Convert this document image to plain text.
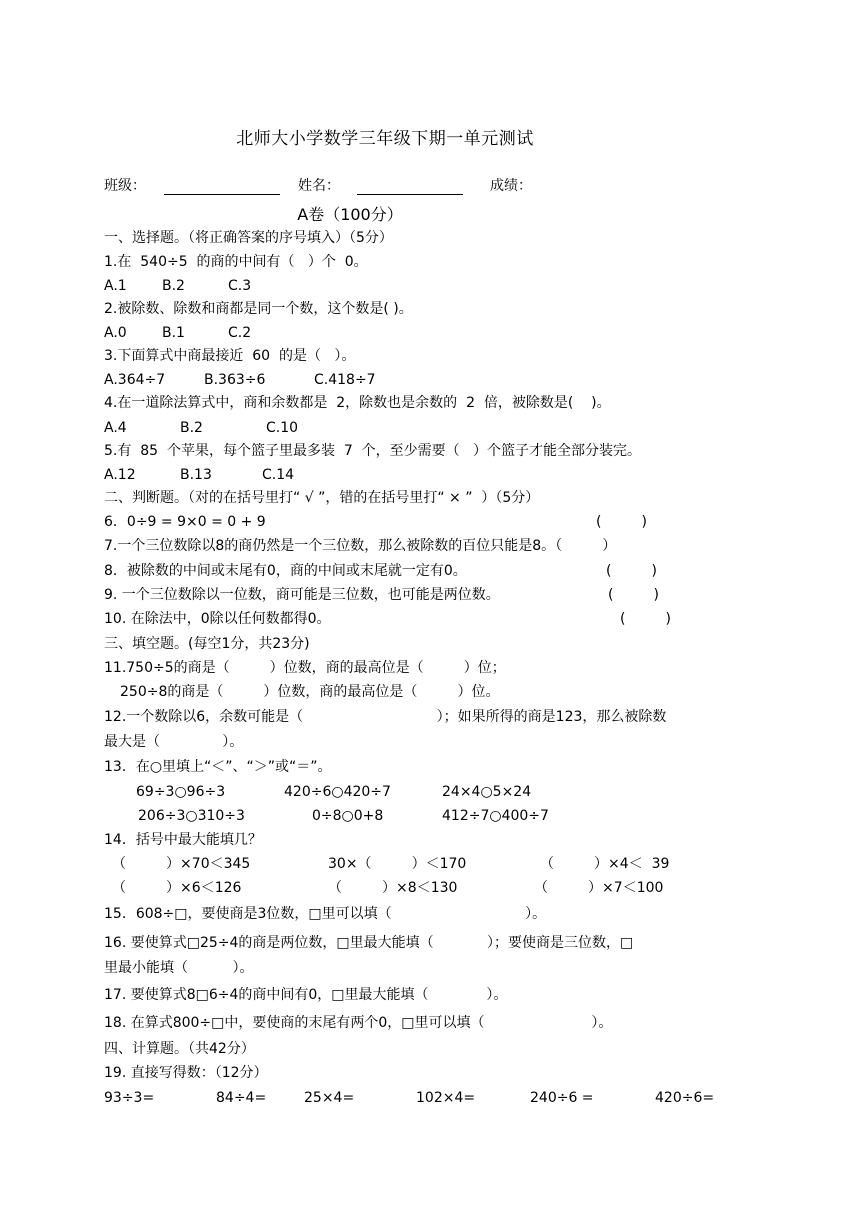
北师大小学数学三年级下期一单元测试
班级：	姓名：	成绩：
A卷（100分）
一、选择题。（将正确答案的序号填入）（5分）
1.在  540÷5  的商的中间有（   ）个  0。
A.1	B.2	C.3
2.被除数、除数和商都是同一个数，这个数是( )。
A.0	B.1	C.2
3.下面算式中商最接近  60  的是（   ）。
A.364÷7	B.363÷6	C.418÷7
4.在一道除法算式中，商和余数都是  2，除数也是余数的  2  倍，被除数是(    )。
A.4	B.2	C.10
5.有  85  个苹果，每个篮子里最多装  7  个，至少需要（   ）个篮子才能全部分装完。
A.12	B.13	C.14
二、判断题。（对的在括号里打“ √ ”，错的在括号里打“ × ”  ）（5分）
6．0÷9 = 9×0 = 0 + 9	(         )
7.一个三位数除以8的商仍然是一个三位数，那么被除数的百位只能是8。（         ）
8．被除数的中间或末尾有0，商的中间或末尾就一定有0。	(         )
9. 一个三位数除以一位数，商可能是三位数，也可能是两位数。	(         )
10. 在除法中，0除以任何数都得0。	(         )
三、填空题。(每空1分，共23分)
11.750÷5的商是（         ）位数，商的最高位是（         ）位；
250÷8的商是（         ）位数，商的最高位是（         ）位。
12.一个数除以6，余数可能是（                              ）；如果所得的商是123，那么被除数
最大是（              ）。
13．在○里填上“＜”、“＞”或“＝”。
69÷3○96÷3	420÷6○420÷7	24×4○5×24
206÷3○310÷3	0÷8○0+8	412÷7○400÷7
14．括号中最大能填几？
（         ）×70＜345	30×（         ）＜170	（         ）×4＜  39
（         ）×6＜126	（         ）×8＜130	（         ）×7＜100
15．608÷□，要使商是3位数，□里可以填（                              ）。
16. 要使算式□25÷4的商是两位数，□里最大能填（            ）；要使商是三位数，□
里最小能填（          ）。
17. 要使算式8□6÷4的商中间有0，□里最大能填（             ）。
18. 在算式800÷□中，要使商的末尾有两个0，□里可以填（                        ）。
四、计算题。（共42分）
19. 直接写得数：（12分）
93÷3=	84÷4=	25×4=	102×4=	240÷6 =	420÷6=
